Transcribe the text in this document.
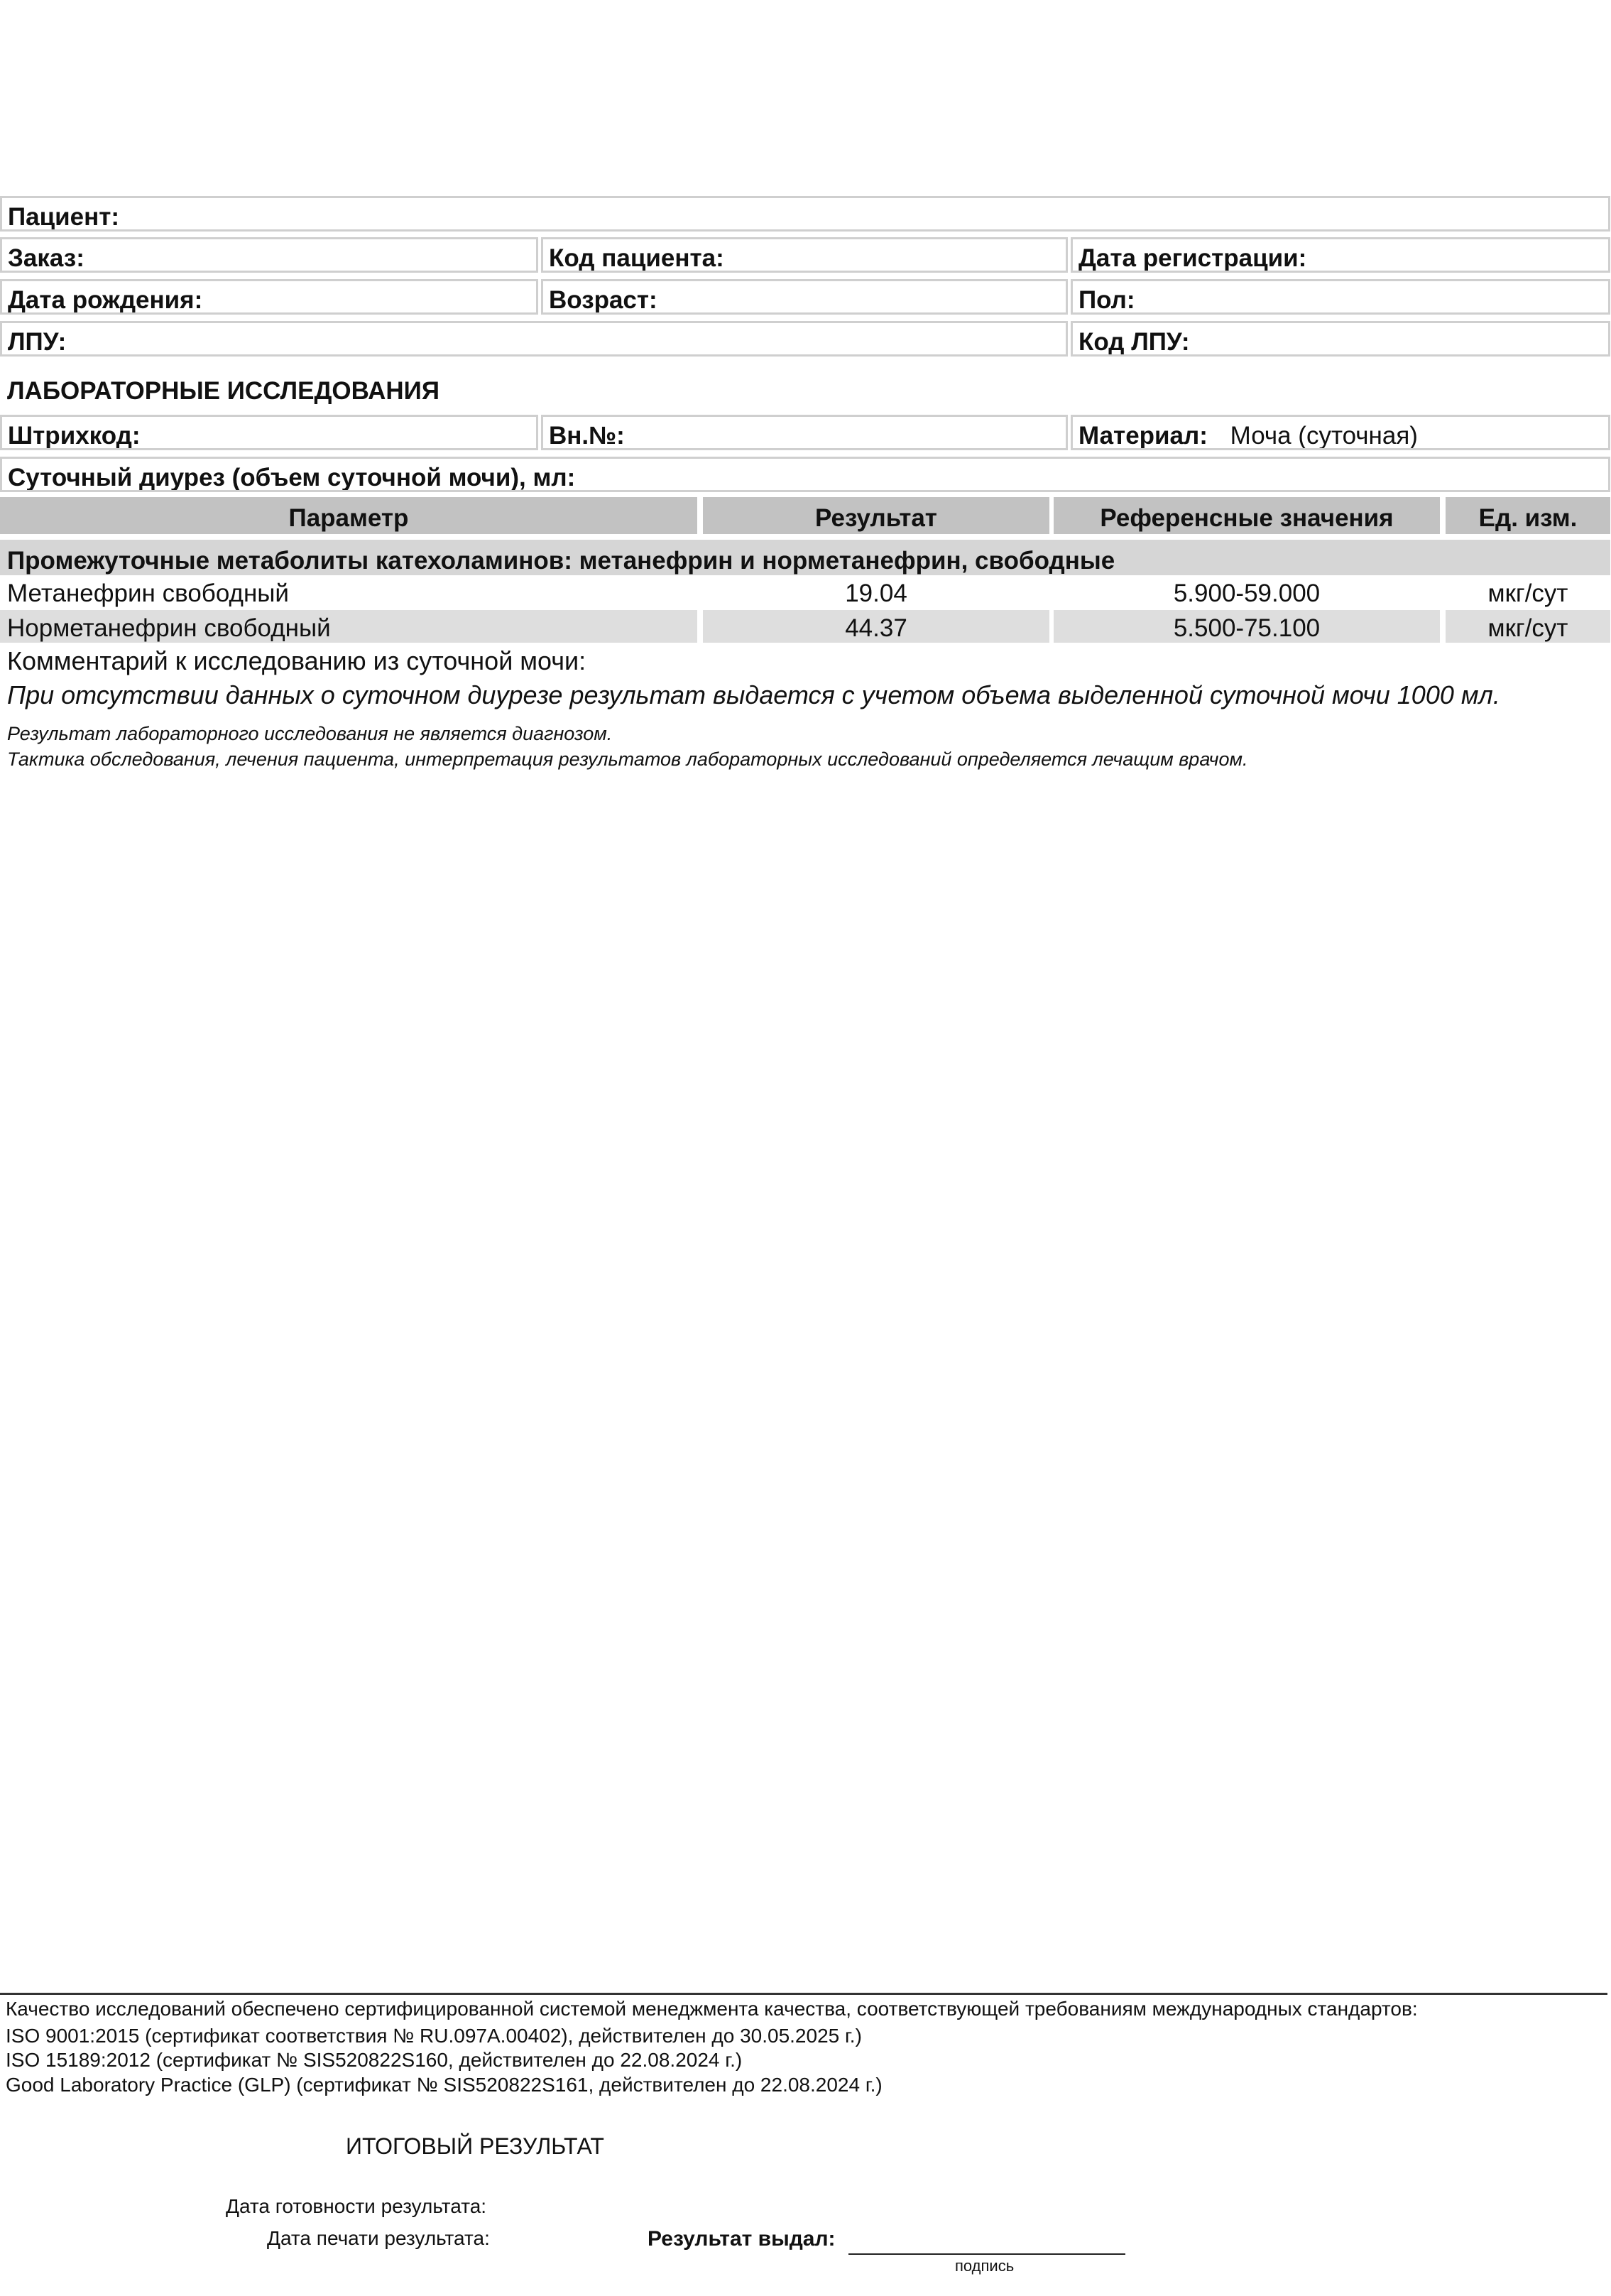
Пациент:
Заказ:	Код пациента:	Дата регистрации:
Дата рождения:	Возраст:	Пол:
ЛПУ:	Код ЛПУ:
ЛАБОРАТОРНЫЕ ИССЛЕДОВАНИЯ
Штрихкод:	Вн.№:	Материал: Моча (суточная)
Суточный диурез (объем суточной мочи), мл:
Параметр	Результат	Референсные значения	Ед. изм.
Промежуточные метаболиты катехоламинов: метанефрин и норметанефрин, свободные
Метанефрин свободный	19.04	5.900-59.000	мкг/сут
Норметанефрин свободный	44.37	5.500-75.100	мкг/сут
Комментарий к исследованию из суточной мочи:
При отсутствии данных о суточном диурезе результат выдается с учетом объема выделенной суточной мочи 1000 мл.
Результат лабораторного исследования не является диагнозом.
Тактика обследования, лечения пациента, интерпретация результатов лабораторных исследований определяется лечащим врачом.
Качество исследований обеспечено сертифицированной системой менеджмента качества, соответствующей требованиям международных стандартов:
ISO 9001:2015 (сертификат соответствия № RU.097A.00402), действителен до 30.05.2025 г.)
ISO 15189:2012 (сертификат № SIS520822S160, действителен до 22.08.2024 г.)
Good Laboratory Practice (GLP) (сертификат № SIS520822S161, действителен до 22.08.2024 г.)
ИТОГОВЫЙ РЕЗУЛЬТАТ
Дата готовности результата:
Дата печати результата:	Результат выдал:
подпись
